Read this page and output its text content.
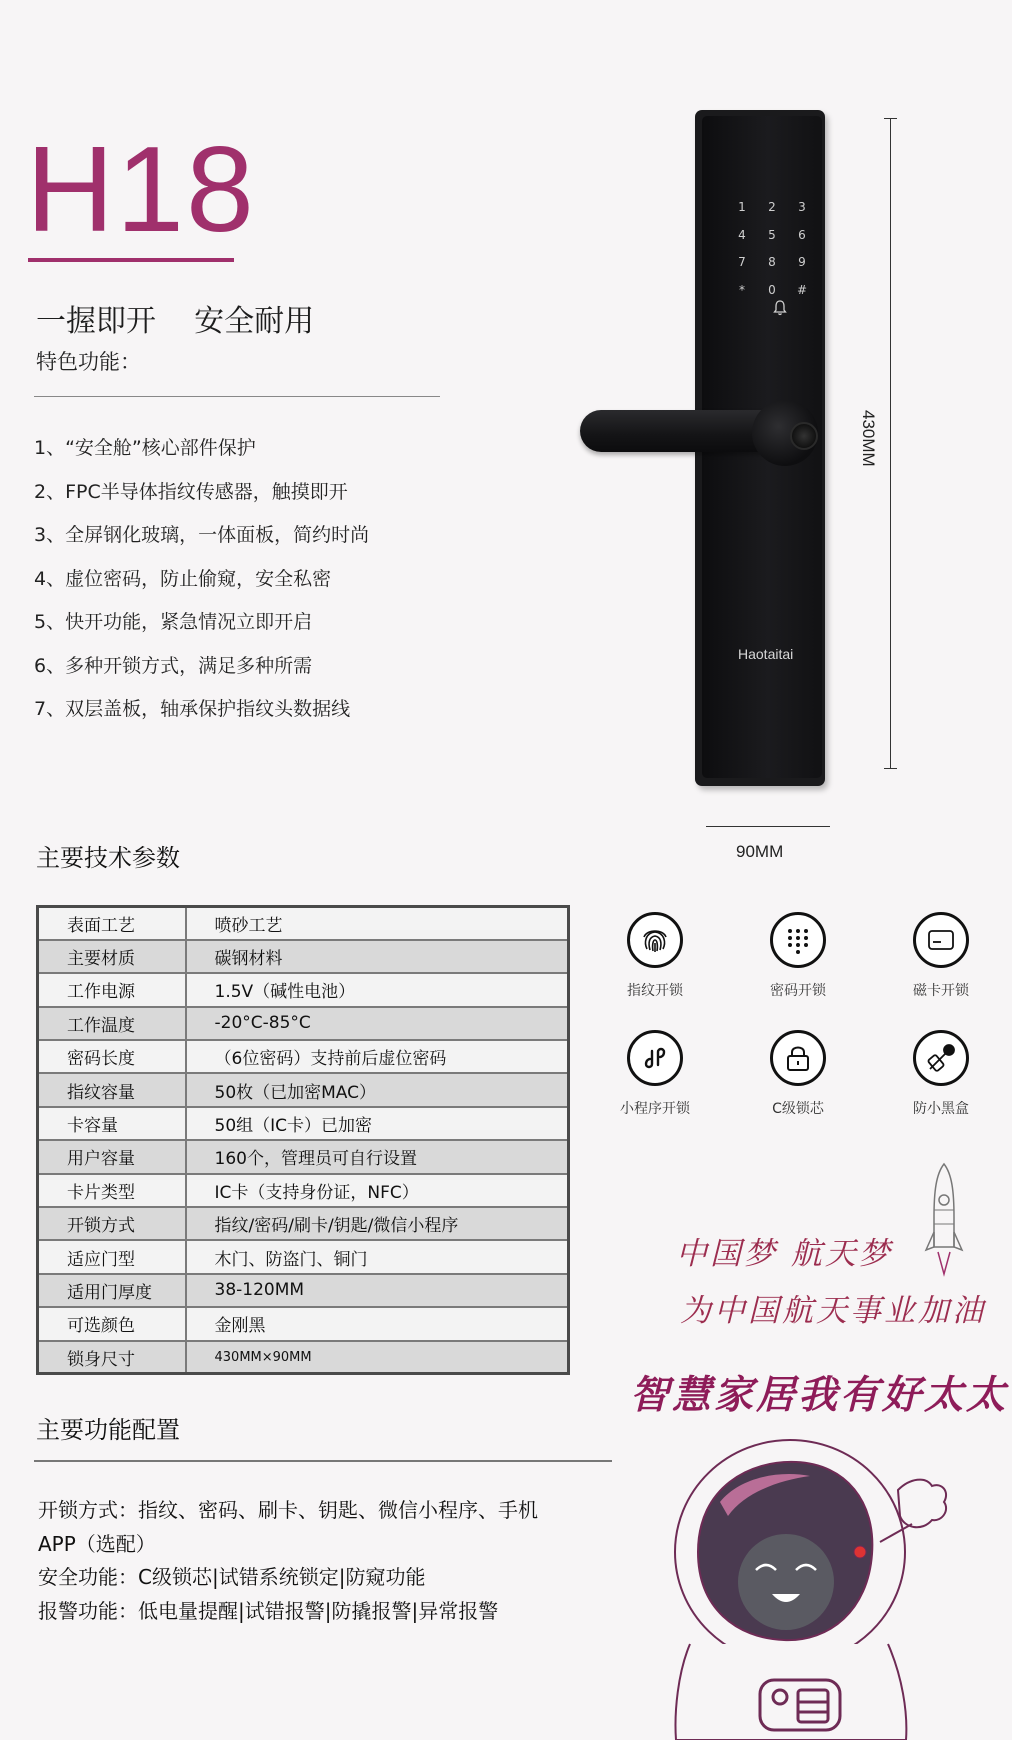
H18
一握即开    安全耐用
特色功能：
1、“安全舱”核心部件保护
2、FPC半导体指纹传感器，触摸即开
3、全屏钢化玻璃，一体面板，简约时尚
4、虚位密码，防止偷窥，安全私密
5、快开功能，紧急情况立即开启
6、多种开锁方式，满足多种所需
7、双层盖板，轴承保护指纹头数据线
1	2	3
4	5	6
7	8	9
*	0	#
Haotaitai
430MM
90MM
主要技术参数
表面工艺	喷砂工艺
主要材质	碳钢材料
工作电源	1.5V（碱性电池）
工作温度	-20°C-85°C
密码长度	（6位密码）支持前后虚位密码
指纹容量	50枚（已加密MAC）
卡容量	50组（IC卡）已加密
用户容量	160个，管理员可自行设置
卡片类型	IC卡（支持身份证，NFC）
开锁方式	指纹/密码/刷卡/钥匙/微信小程序
适应门型	木门、防盗门、铜门
适用门厚度	38-120MM
可选颜色	金刚黑
锁身尺寸	430MM×90MM
指纹开锁	密码开锁	磁卡开锁
小程序开锁	C级锁芯	防小黑盒
中国梦 航天梦
为中国航天事业加油
智慧家居我有好太太
主要功能配置
开锁方式：指纹、密码、刷卡、钥匙、微信小程序、手机
APP（选配）
安全功能：C级锁芯|试错系统锁定|防窥功能
报警功能：低电量提醒|试错报警|防撬报警|异常报警
